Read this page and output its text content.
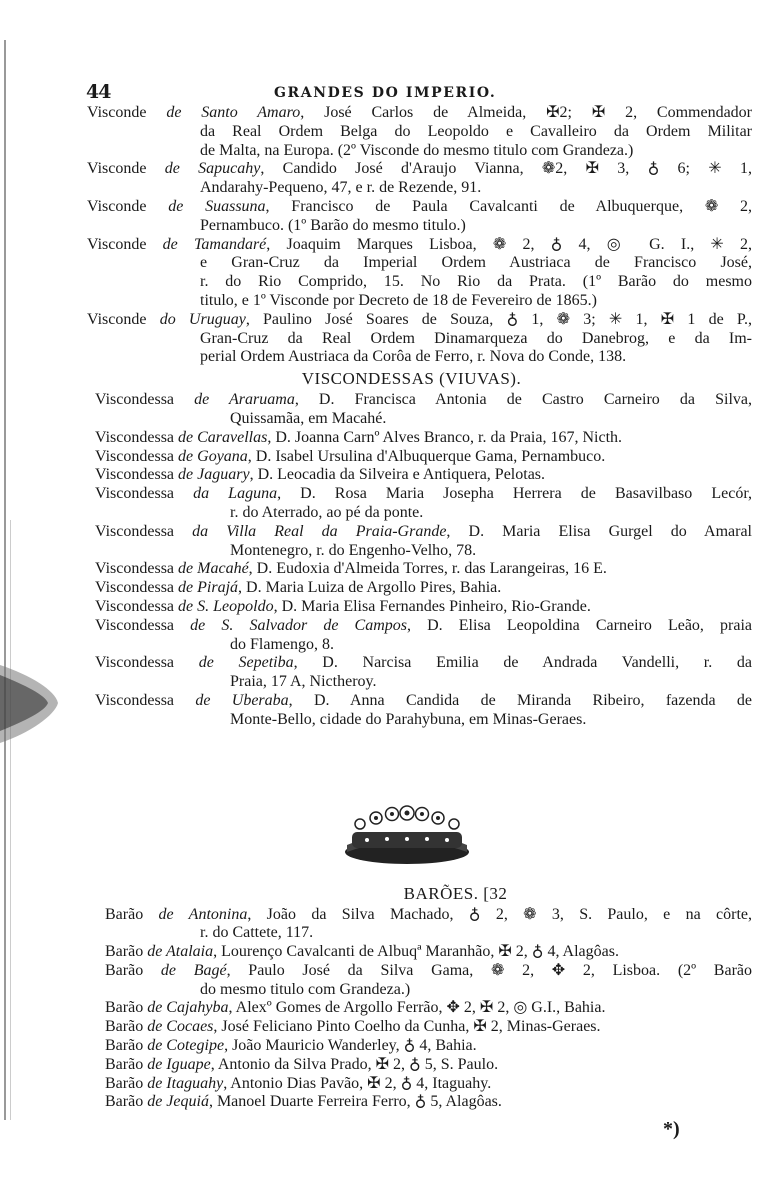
44	GRANDES DO IMPERIO.
Visconde de Santo Amaro, José Carlos de Almeida, ✠2; ✠ 2, Commendador
da Real Ordem Belga do Leopoldo e Cavalleiro da Ordem Militar
de Malta, na Europa. (2º Visconde do mesmo titulo com Grandeza.)
Visconde de Sapucahy, Candido José d'Araujo Vianna, ❁2, ✠ 3, ♁ 6; ✳ 1,
Andarahy-Pequeno, 47, e r. de Rezende, 91.
Visconde de Suassuna, Francisco de Paula Cavalcanti de Albuquerque, ❁ 2,
Pernambuco. (1º Barão do mesmo titulo.)
Visconde de Tamandaré, Joaquim Marques Lisboa, ❁ 2, ♁ 4, ◎ G. I., ✳ 2,
e Gran-Cruz da Imperial Ordem Austriaca de Francisco José,
r. do Rio Comprido, 15. No Rio da Prata. (1º Barão do mesmo
titulo, e 1º Visconde por Decreto de 18 de Fevereiro de 1865.)
Visconde do Uruguay, Paulino José Soares de Souza, ♁ 1, ❁ 3; ✳ 1, ✠ 1 de P.,
Gran-Cruz da Real Ordem Dinamarqueza do Danebrog, e da Im-
perial Ordem Austriaca da Corôa de Ferro, r. Nova do Conde, 138.
VISCONDESSAS (VIUVAS).
Viscondessa de Araruama, D. Francisca Antonia de Castro Carneiro da Silva,
Quissamãa, em Macahé.
Viscondessa de Caravellas, D. Joanna Carnº Alves Branco, r. da Praia, 167, Nicth.
Viscondessa de Goyana, D. Isabel Ursulina d'Albuquerque Gama, Pernambuco.
Viscondessa de Jaguary, D. Leocadia da Silveira e Antiquera, Pelotas.
Viscondessa da Laguna, D. Rosa Maria Josepha Herrera de Basavilbaso Lecór,
r. do Aterrado, ao pé da ponte.
Viscondessa da Villa Real da Praia-Grande, D. Maria Elisa Gurgel do Amaral
Montenegro, r. do Engenho-Velho, 78.
Viscondessa de Macahé, D. Eudoxia d'Almeida Torres, r. das Larangeiras, 16 E.
Viscondessa de Pirajá, D. Maria Luiza de Argollo Pires, Bahia.
Viscondessa de S. Leopoldo, D. Maria Elisa Fernandes Pinheiro, Rio-Grande.
Viscondessa de S. Salvador de Campos, D. Elisa Leopoldina Carneiro Leão, praia
do Flamengo, 8.
Viscondessa de Sepetiba, D. Narcisa Emilia de Andrada Vandelli, r. da
Praia, 17 A, Nictheroy.
Viscondessa de Uberaba, D. Anna Candida de Miranda Ribeiro, fazenda de
Monte-Bello, cidade do Parahybuna, em Minas-Geraes.
BARÕES. [32
Barão de Antonina, João da Silva Machado, ♁ 2, ❁ 3, S. Paulo, e na côrte,
r. do Cattete, 117.
Barão de Atalaia, Lourenço Cavalcanti de Albuqª Maranhão, ✠ 2, ♁ 4, Alagôas.
Barão de Bagé, Paulo José da Silva Gama, ❁ 2, ✥ 2, Lisboa. (2º Barão
do mesmo titulo com Grandeza.)
Barão de Cajahyba, Alexº Gomes de Argollo Ferrão, ✥ 2, ✠ 2, ◎ G.I., Bahia.
Barão de Cocaes, José Feliciano Pinto Coelho da Cunha, ✠ 2, Minas-Geraes.
Barão de Cotegipe, João Mauricio Wanderley, ♁ 4, Bahia.
Barão de Iguape, Antonio da Silva Prado, ✠ 2, ♁ 5, S. Paulo.
Barão de Itaguahy, Antonio Dias Pavão, ✠ 2, ♁ 4, Itaguahy.
Barão de Jequiá, Manoel Duarte Ferreira Ferro, ♁ 5, Alagôas.
*)
